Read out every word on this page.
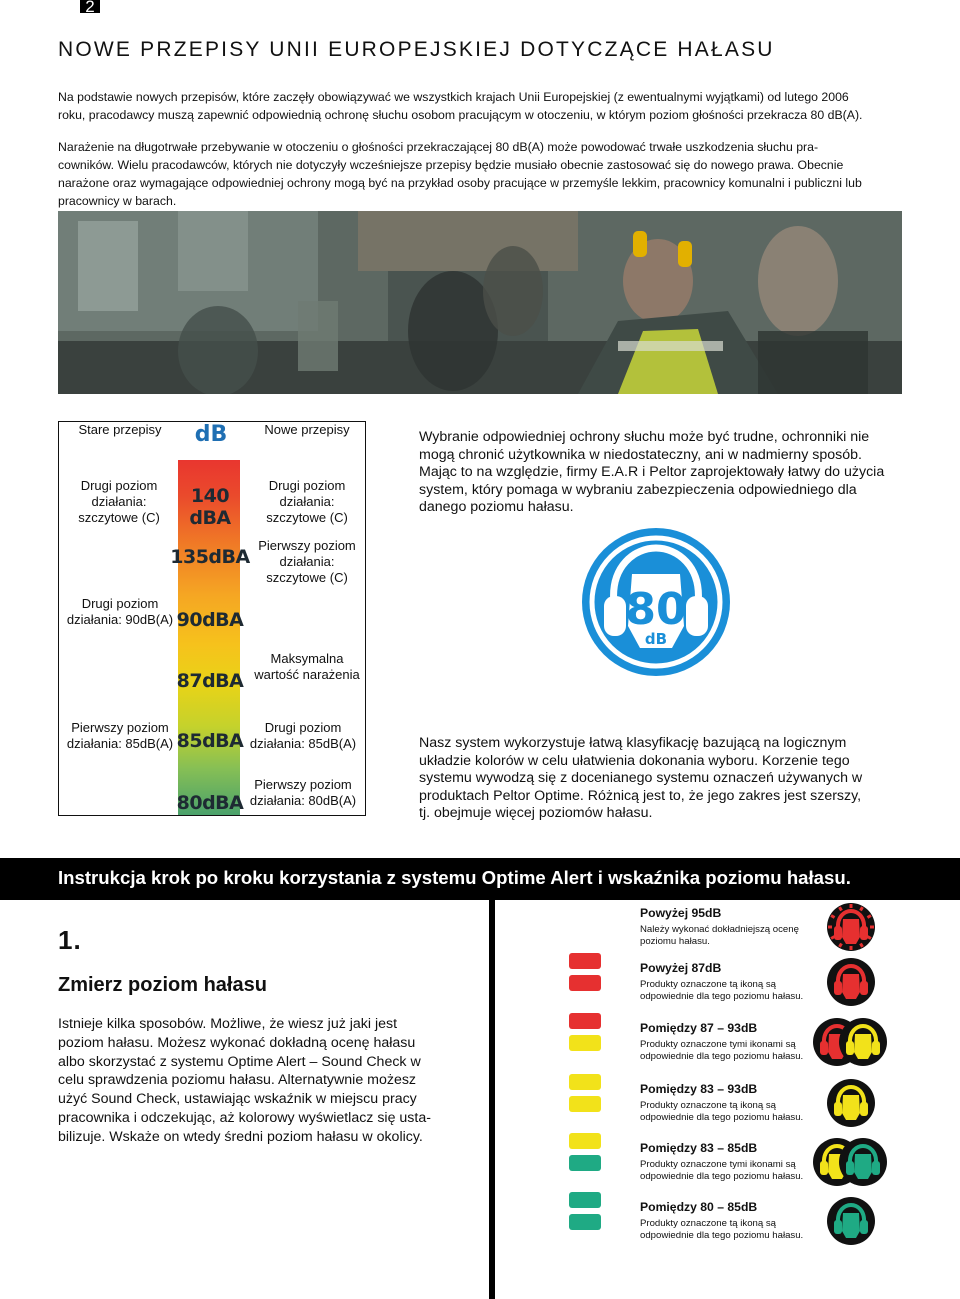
2
NOWE PRZEPISY UNII EUROPEJSKIEJ DOTYCZĄCE HAŁASU
Na podstawie nowych przepisów, które zaczęły obowiązywać we wszystkich krajach Unii Europejskiej (z ewentualnymi wyjątkami) od lutego 2006
roku, pracodawcy muszą zapewnić odpowiednią ochronę słuchu osobom pracującym w otoczeniu, w którym poziom głośności przekracza 80 dB(A).
Narażenie na długotrwałe przebywanie w otoczeniu o głośności przekraczającej 80 dB(A) może powodować trwałe uszkodzenia słuchu pra-
cowników. Wielu pracodawców, których nie dotyczyły wcześniejsze przepisy będzie musiało obecnie zastosować się do nowego prawa. Obecnie
narażone oraz wymagające odpowiedniej ochrony mogą być na przykład osoby pracujące w przemyśle lekkim, pracownicy komunalni i publiczni lub
pracownicy w barach.
Stare przepisy	dB	Nowe przepisy
Drugi poziom działania: szczytowe (C)
140 dBA
Drugi poziom działania: szczytowe (C)
135dBA
Pierwszy poziom działania: szczytowe (C)
Drugi poziom działania: 90dB(A) 90dBA
87dBA
Maksymalna wartość narażenia
Pierwszy poziom działania: 85dB(A) 85dBA
Drugi poziom działania: 85dB(A)
80dBA
Pierwszy poziom działania: 80dB(A)
Wybranie odpowiedniej ochrony słuchu może być trudne, ochronniki nie
mogą chronić użytkownika w niedostateczny, ani w nadmierny sposób.
Mając to na względzie, firmy E.A.R i Peltor zaprojektowały łatwy do użycia
system, który pomaga w wybraniu zabezpieczenia odpowiedniego dla
danego poziomu hałasu.
80
dB
Nasz system wykorzystuje łatwą klasyfikację bazującą na logicznym
układzie kolorów w celu ułatwienia dokonania wyboru. Korzenie tego
systemu wywodzą się z docenianego systemu oznaczeń używanych w
produktach Peltor Optime. Różnicą jest to, że jego zakres jest szerszy,
tj. obejmuje więcej poziomów hałasu.
Instrukcja krok po kroku korzystania z systemu Optime Alert i wskaźnika poziomu hałasu.
1.
Zmierz poziom hałasu
Istnieje kilka sposobów. Możliwe, że wiesz już jaki jest
poziom hałasu. Możesz wykonać dokładną ocenę hałasu
albo skorzystać z systemu Optime Alert – Sound Check w
celu sprawdzenia poziomu hałasu. Alternatywnie możesz
użyć Sound Check, ustawiając wskaźnik w miejscu pracy
pracownika i odczekując, aż kolorowy wyświetlacz się usta-
bilizuje. Wskaże on wtedy średni poziom hałasu w okolicy.
Powyżej 95dB
Należy wykonać dokładniejszą ocenę
poziomu hałasu.
Powyżej 87dB
Produkty oznaczone tą ikoną są
odpowiednie dla tego poziomu hałasu.
Pomiędzy 87 – 93dB
Produkty oznaczone tymi ikonami są
odpowiednie dla tego poziomu hałasu.
Pomiędzy 83 – 93dB
Produkty oznaczone tą ikoną są
odpowiednie dla tego poziomu hałasu.
Pomiędzy 83 – 85dB
Produkty oznaczone tymi ikonami są
odpowiednie dla tego poziomu hałasu.
Pomiędzy 80 – 85dB
Produkty oznaczone tą ikoną są
odpowiednie dla tego poziomu hałasu.
